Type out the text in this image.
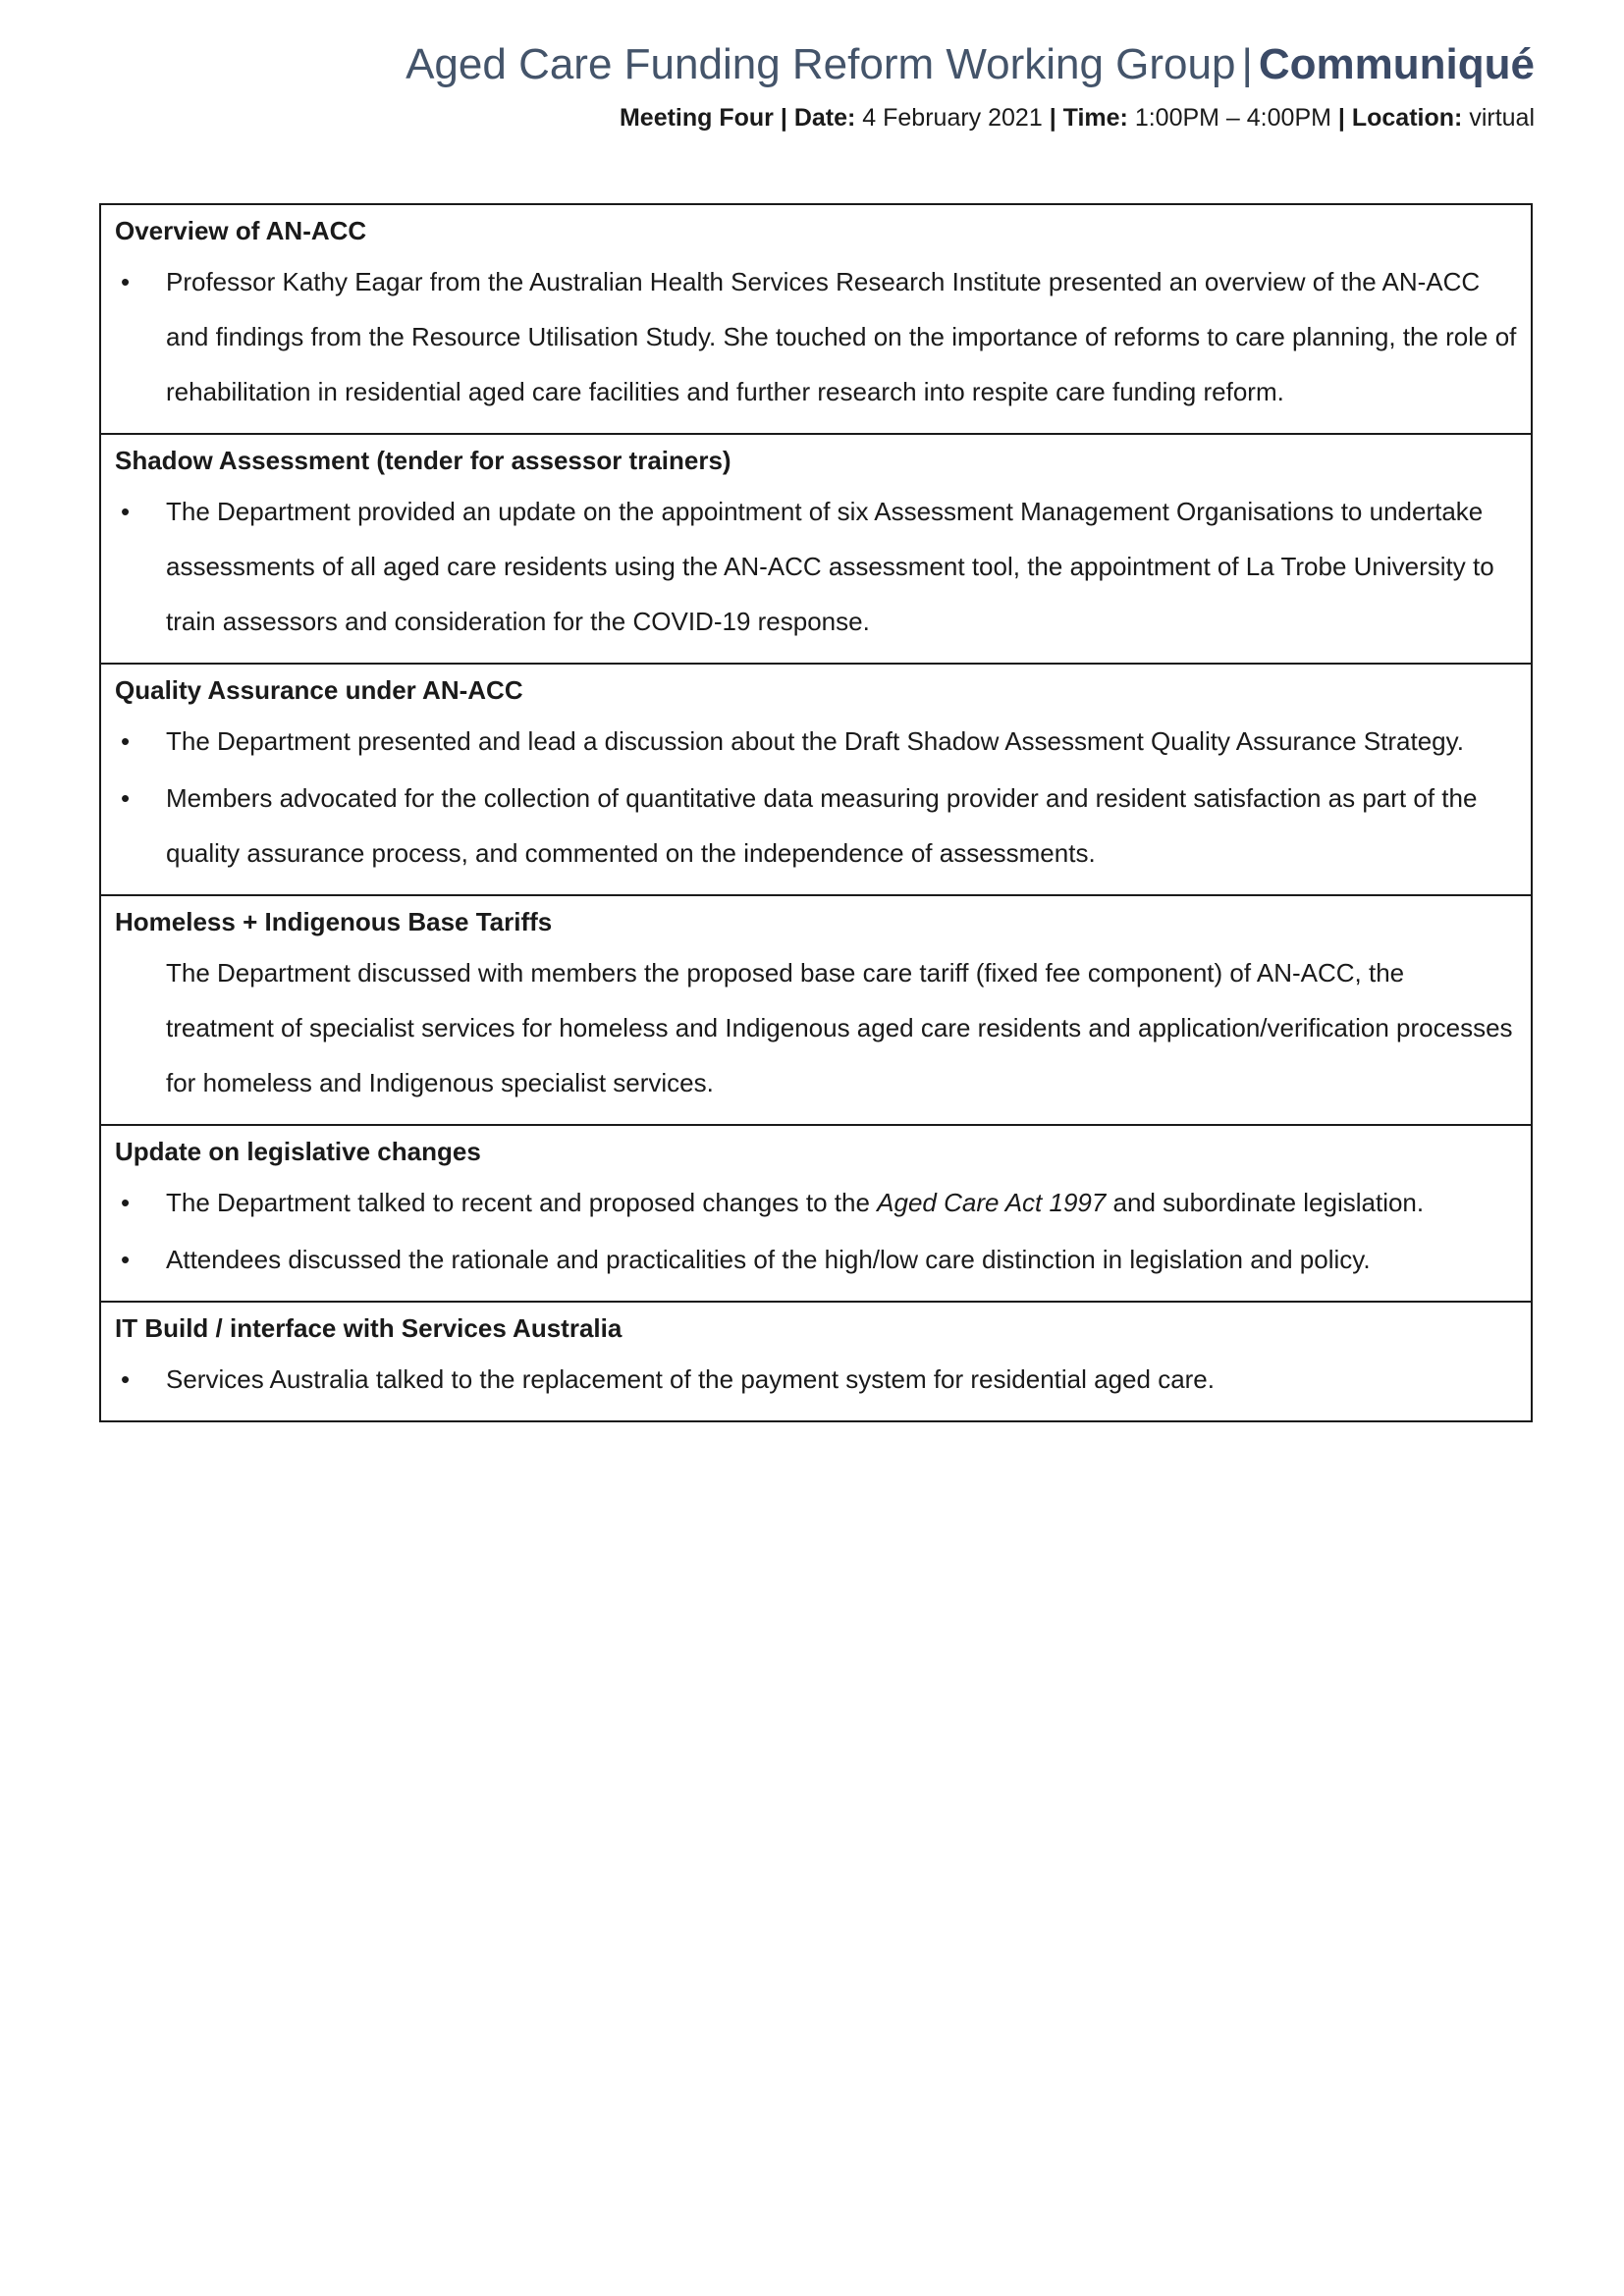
Aged Care Funding Reform Working Group | Communiqué
Meeting Four | Date: 4 February 2021 | Time: 1:00PM – 4:00PM | Location: virtual
Overview of AN-ACC
• Professor Kathy Eagar from the Australian Health Services Research Institute presented an overview of the AN-ACC and findings from the Resource Utilisation Study. She touched on the importance of reforms to care planning, the role of rehabilitation in residential aged care facilities and further research into respite care funding reform.
Shadow Assessment (tender for assessor trainers)
• The Department provided an update on the appointment of six Assessment Management Organisations to undertake assessments of all aged care residents using the AN-ACC assessment tool, the appointment of La Trobe University to train assessors and consideration for the COVID-19 response.
Quality Assurance under AN-ACC
• The Department presented and lead a discussion about the Draft Shadow Assessment Quality Assurance Strategy.
• Members advocated for the collection of quantitative data measuring provider and resident satisfaction as part of the quality assurance process, and commented on the independence of assessments.
Homeless + Indigenous Base Tariffs
The Department discussed with members the proposed base care tariff (fixed fee component) of AN-ACC, the treatment of specialist services for homeless and Indigenous aged care residents and application/verification processes for homeless and Indigenous specialist services.
Update on legislative changes
• The Department talked to recent and proposed changes to the Aged Care Act 1997 and subordinate legislation.
• Attendees discussed the rationale and practicalities of the high/low care distinction in legislation and policy.
IT Build / interface with Services Australia
• Services Australia talked to the replacement of the payment system for residential aged care.
